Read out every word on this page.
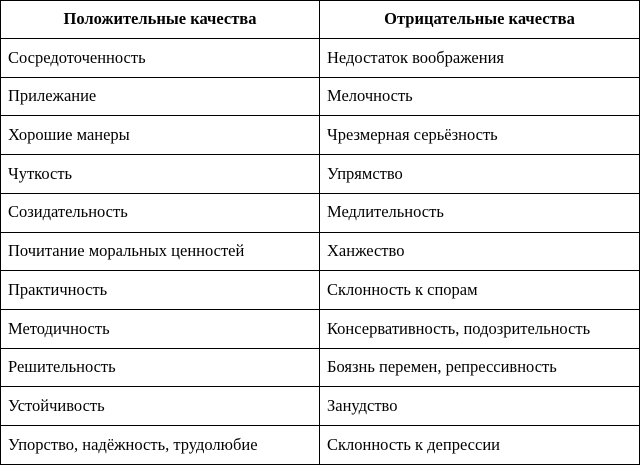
Положительные качества	Отрицательные качества
Сосредоточенность	Недостаток воображения
Прилежание	Мелочность
Хорошие манеры	Чрезмерная серьёзность
Чуткость	Упрямство
Созидательность	Медлительность
Почитание моральных ценностей	Ханжество
Практичность	Склонность к спорам
Методичность	Консервативность, подозрительность
Решительность	Боязнь перемен, репрессивность
Устойчивость	Занудство
Упорство, надёжность, трудолюбие	Склонность к депрессии
